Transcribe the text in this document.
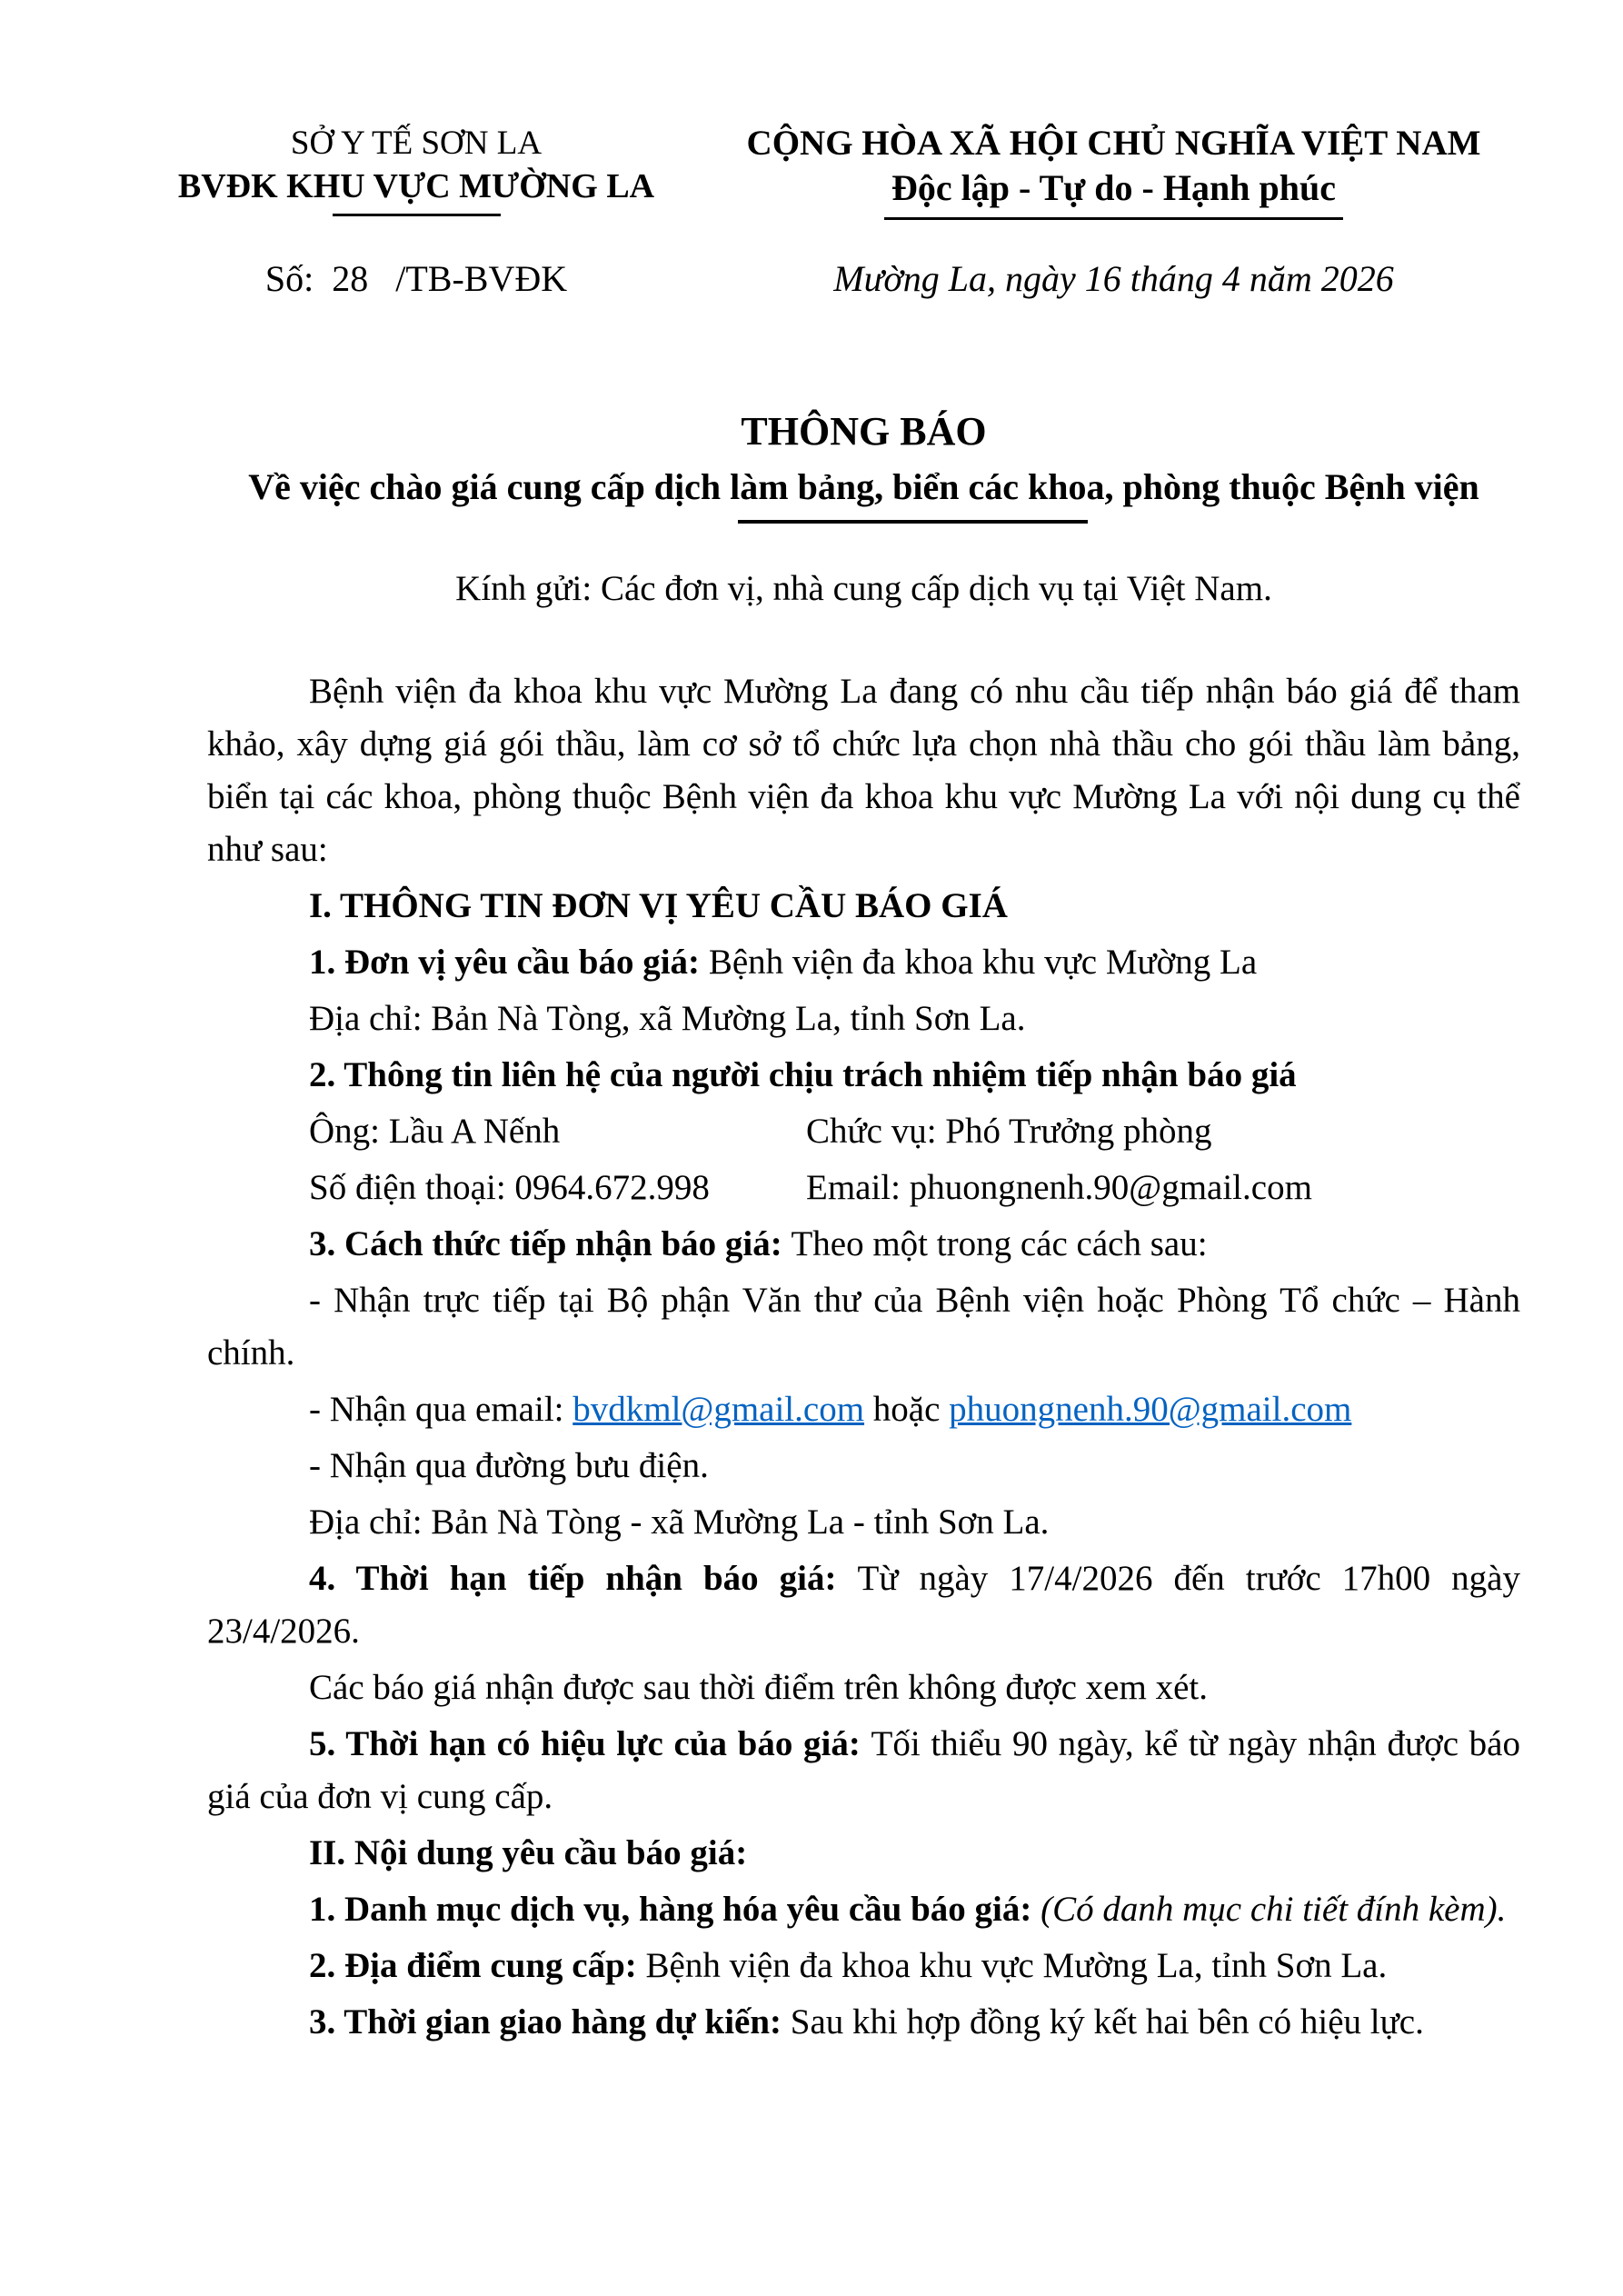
SỞ Y TẾ SƠN LA
BVĐK KHU VỰC MƯỜNG LA
Số:  28   /TB-BVĐK
CỘNG HÒA XÃ HỘI CHỦ NGHĨA VIỆT NAM
Độc lập - Tự do - Hạnh phúc
Mường La, ngày 16 tháng 4 năm 2026
THÔNG BÁO
Về việc chào giá cung cấp dịch làm bảng, biển các khoa, phòng thuộc Bệnh viện
Kính gửi: Các đơn vị, nhà cung cấp dịch vụ tại Việt Nam.

Bệnh viện đa khoa khu vực Mường La đang có nhu cầu tiếp nhận báo giá để tham khảo, xây dựng giá gói thầu, làm cơ sở tổ chức lựa chọn nhà thầu cho gói thầu làm bảng, biển tại các khoa, phòng thuộc Bệnh viện đa khoa khu vực Mường La với nội dung cụ thể như sau:

I. THÔNG TIN ĐƠN VỊ YÊU CẦU BÁO GIÁ

1. Đơn vị yêu cầu báo giá: Bệnh viện đa khoa khu vực Mường La

Địa chỉ: Bản Nà Tòng, xã Mường La, tỉnh Sơn La.

2. Thông tin liên hệ của người chịu trách nhiệm tiếp nhận báo giá

Ông: Lầu A Nếnh	Chức vụ: Phó Trưởng phòng
Số điện thoại: 0964.672.998	Email: phuongnenh.90@gmail.com

3. Cách thức tiếp nhận báo giá: Theo một trong các cách sau:

- Nhận trực tiếp tại Bộ phận Văn thư của Bệnh viện hoặc Phòng Tổ chức – Hành chính.

- Nhận qua email: bvdkml@gmail.com hoặc phuongnenh.90@gmail.com

- Nhận qua đường bưu điện.

Địa chỉ: Bản Nà Tòng - xã Mường La - tỉnh Sơn La.

4. Thời hạn tiếp nhận báo giá: Từ ngày 17/4/2026 đến trước 17h00 ngày 23/4/2026.

Các báo giá nhận được sau thời điểm trên không được xem xét.

5. Thời hạn có hiệu lực của báo giá: Tối thiểu 90 ngày, kể từ ngày nhận được báo giá của đơn vị cung cấp.

II. Nội dung yêu cầu báo giá:

1. Danh mục dịch vụ, hàng hóa yêu cầu báo giá: (Có danh mục chi tiết đính kèm).

2. Địa điểm cung cấp: Bệnh viện đa khoa khu vực Mường La, tỉnh Sơn La.

3. Thời gian giao hàng dự kiến: Sau khi hợp đồng ký kết hai bên có hiệu lực.
